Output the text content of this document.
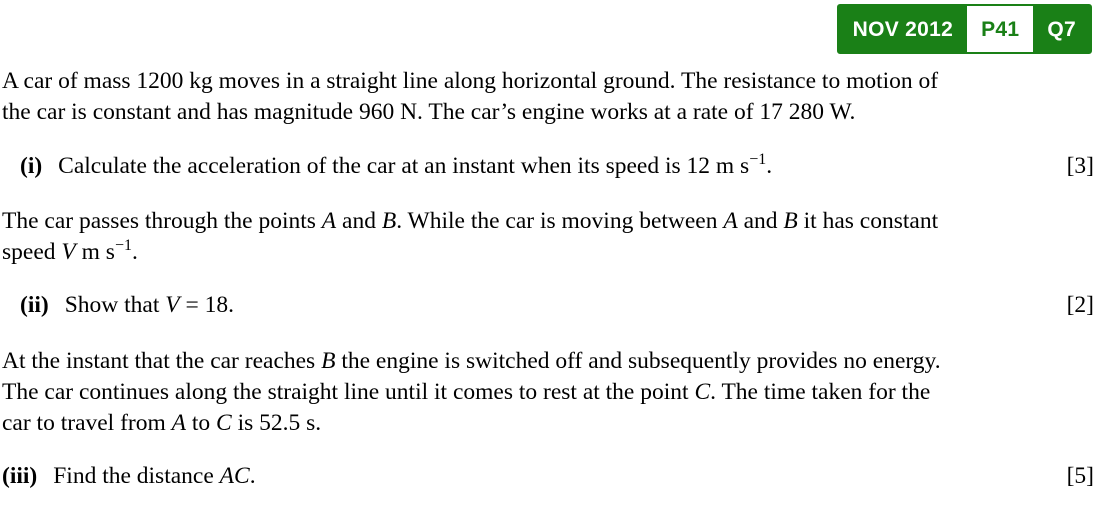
NOV 2012	P41	Q7

A car of mass 1200 kg moves in a straight line along horizontal ground. The resistance to motion of
the car is constant and has magnitude 960 N. The car’s engine works at a rate of 17 280 W.

(i) Calculate the acceleration of the car at an instant when its speed is 12 m $s^{-1}$.	[3]

The car passes through the points A and B. While the car is moving between A and B it has constant
speed V m $s^{-1}$.

(ii) Show that V = 18.	[2]

At the instant that the car reaches B the engine is switched off and subsequently provides no energy.
The car continues along the straight line until it comes to rest at the point C. The time taken for the
car to travel from A to C is 52.5 s.

(iii) Find the distance AC.	[5]
